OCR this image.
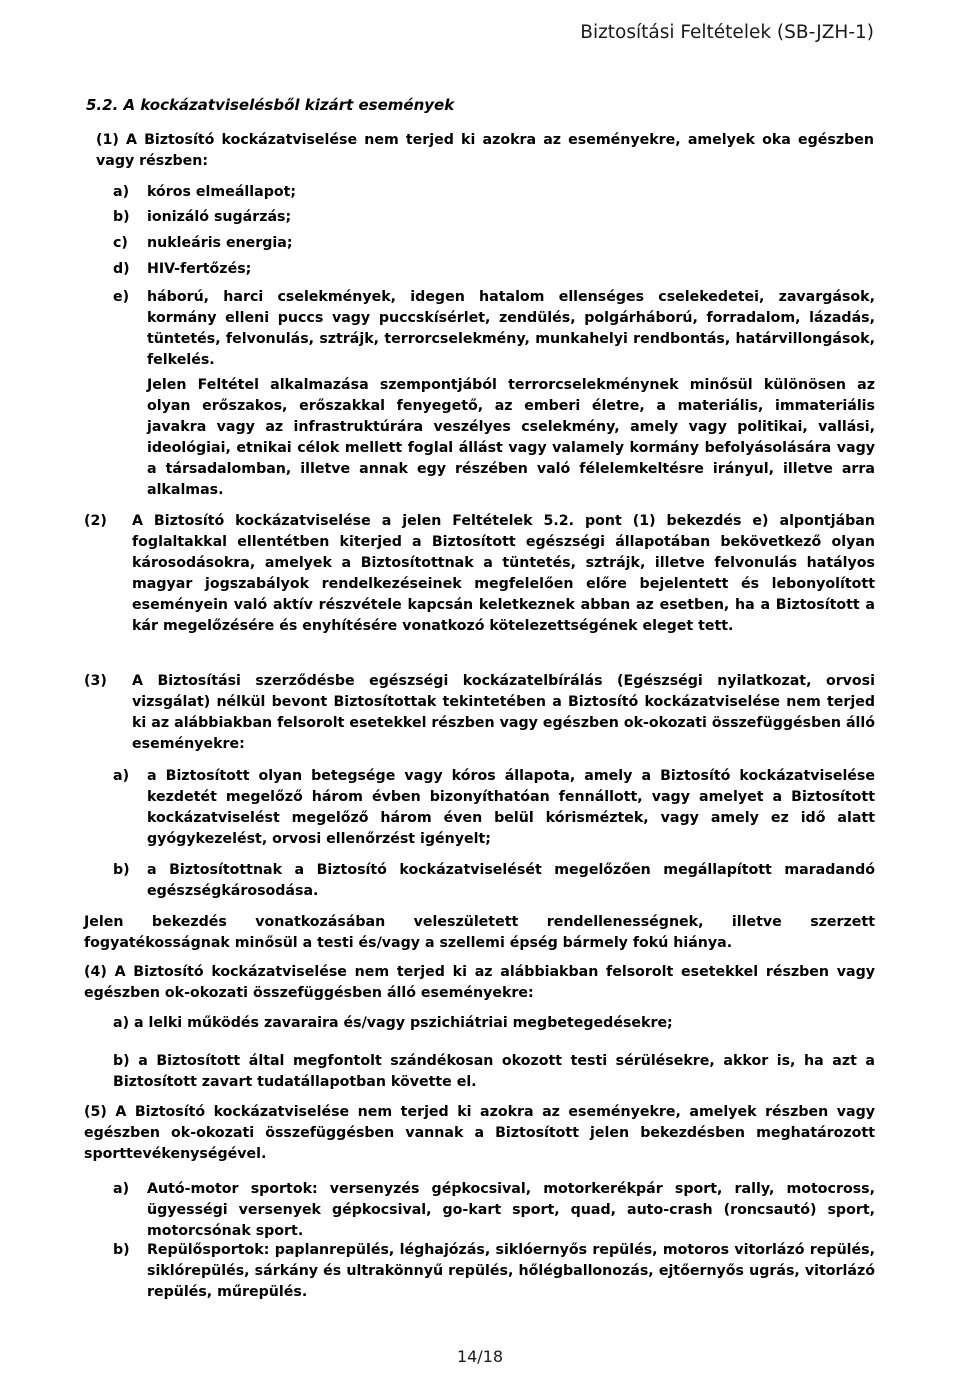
Biztosítási Feltételek (SB-JZH-1)
5.2. A kockázatviselésből kizárt események
(1) A Biztosító kockázatviselése nem terjed ki azokra az eseményekre, amelyek oka egészben vagy részben:
a) kóros elmeállapot;
b) ionizáló sugárzás;
c) nukleáris energia;
d) HIV-fertőzés;
e) háború, harci cselekmények, idegen hatalom ellenséges cselekedetei, zavargások, kormány elleni puccs vagy puccskísérlet, zendülés, polgárháború, forradalom, lázadás, tüntetés, felvonulás, sztrájk, terrorcselekmény, munkahelyi rendbontás, határvillongások, felkelés.
Jelen Feltétel alkalmazása szempontjából terrorcselekménynek minősül különösen az olyan erőszakos, erőszakkal fenyegető, az emberi életre, a materiális, immateriális javakra vagy az infrastruktúrára veszélyes cselekmény, amely vagy politikai, vallási, ideológiai, etnikai célok mellett foglal állást vagy valamely kormány befolyásolására vagy a társadalomban, illetve annak egy részében való félelemkeltésre irányul, illetve arra alkalmas.
(2) A Biztosító kockázatviselése a jelen Feltételek 5.2. pont (1) bekezdés e) alpontjában foglaltakkal ellentétben kiterjed a Biztosított egészségi állapotában bekövetkező olyan károsodásokra, amelyek a Biztosítottnak a tüntetés, sztrájk, illetve felvonulás hatályos magyar jogszabályok rendelkezéseinek megfelelően előre bejelentett és lebonyolított eseményein való aktív részvétele kapcsán keletkeznek abban az esetben, ha a Biztosított a kár megelőzésére és enyhítésére vonatkozó kötelezettségének eleget tett.
(3) A Biztosítási szerződésbe egészségi kockázatelbírálás (Egészségi nyilatkozat, orvosi vizsgálat) nélkül bevont Biztosítottak tekintetében a Biztosító kockázatviselése nem terjed ki az alábbiakban felsorolt esetekkel részben vagy egészben ok-okozati összefüggésben álló eseményekre:
a) a Biztosított olyan betegsége vagy kóros állapota, amely a Biztosító kockázatviselése kezdetét megelőző három évben bizonyíthatóan fennállott, vagy amelyet a Biztosított kockázatviselést megelőző három éven belül kórisméztek, vagy amely ez idő alatt gyógykezelést, orvosi ellenőrzést igényelt;
b) a Biztosítottnak a Biztosító kockázatviselését megelőzően megállapított maradandó egészségkárosodása.
Jelen bekezdés vonatkozásában veleszületett rendellenességnek, illetve szerzett fogyatékosságnak minősül a testi és/vagy a szellemi épség bármely fokú hiánya.
(4) A Biztosító kockázatviselése nem terjed ki az alábbiakban felsorolt esetekkel részben vagy egészben ok-okozati összefüggésben álló eseményekre:
a) a lelki működés zavaraira és/vagy pszichiátriai megbetegedésekre;
b) a Biztosított által megfontolt szándékosan okozott testi sérülésekre, akkor is, ha azt a Biztosított zavart tudatállapotban követte el.
(5) A Biztosító kockázatviselése nem terjed ki azokra az eseményekre, amelyek részben vagy egészben ok-okozati összefüggésben vannak a Biztosított jelen bekezdésben meghatározott sporttevékenységével.
a) Autó-motor sportok: versenyzés gépkocsival, motorkerékpár sport, rally, motocross, ügyességi versenyek gépkocsival, go-kart sport, quad, auto-crash (roncsautó) sport, motorcsónak sport.
b) Repülősportok: paplanrepülés, léghajózás, siklóernyős repülés, motoros vitorlázó repülés, siklórepülés, sárkány és ultrakönnyű repülés, hőlégballonozás, ejtőernyős ugrás, vitorlázó repülés, műrepülés.
14/18
